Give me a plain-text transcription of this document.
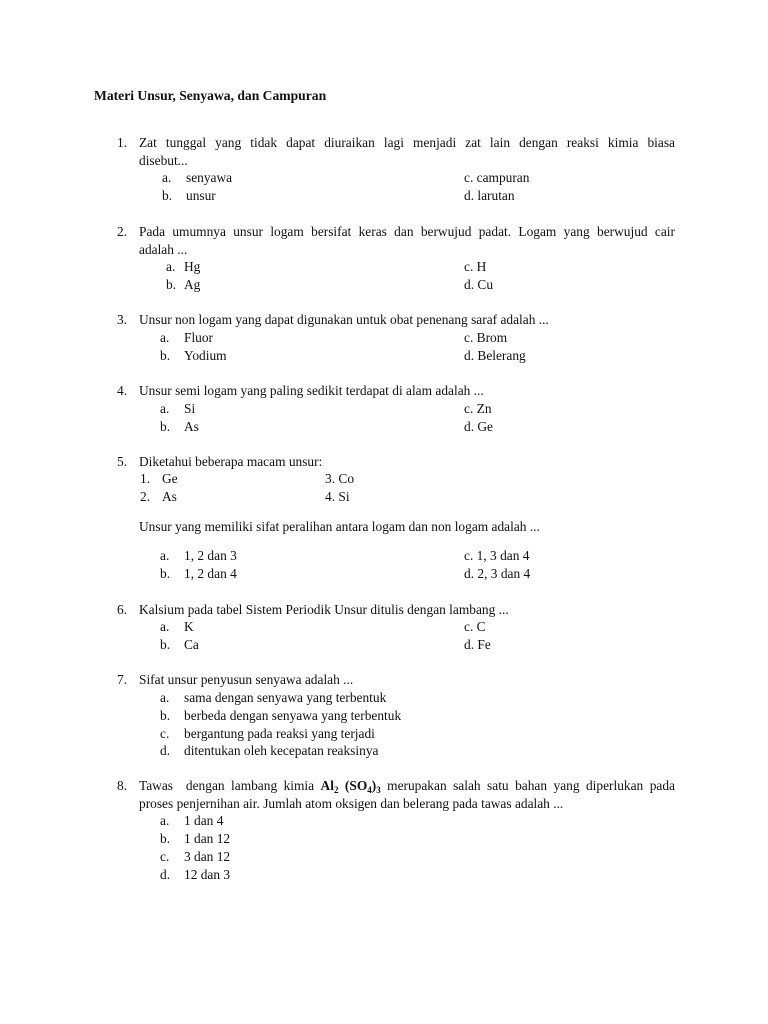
Materi Unsur, Senyawa, dan Campuran
1. Zat tunggal yang tidak dapat diuraikan lagi menjadi zat lain dengan reaksi kimia biasa
disebut...
a. senyawa
b. unsur
c. campuran
d. larutan
2. Pada umumnya unsur logam bersifat keras dan berwujud padat. Logam yang berwujud cair
adalah ...
a. Hg
b. Ag
c. H
d. Cu
3. Unsur non logam yang dapat digunakan untuk obat penenang saraf adalah ...
a. Fluor
b. Yodium
c. Brom
d. Belerang
4. Unsur semi logam yang paling sedikit terdapat di alam adalah ...
a. Si
b. As
c. Zn
d. Ge
5. Diketahui beberapa macam unsur:
1. Ge
2. As
3. Co
4. Si
Unsur yang memiliki sifat peralihan antara logam dan non logam adalah ...
a. 1, 2 dan 3
b. 1, 2 dan 4
c. 1, 3 dan 4
d. 2, 3 dan 4
6. Kalsium pada tabel Sistem Periodik Unsur ditulis dengan lambang ...
a. K
b. Ca
c. C
d. Fe
7. Sifat unsur penyusun senyawa adalah ...
a. sama dengan senyawa yang terbentuk
b. berbeda dengan senyawa yang terbentuk
c. bergantung pada reaksi yang terjadi
d. ditentukan oleh kecepatan reaksinya
8. Tawas  dengan lambang kimia $Al_2$ $(SO_4)_3$ merupakan salah satu bahan yang diperlukan pada
proses penjernihan air. Jumlah atom oksigen dan belerang pada tawas adalah ...
a. 1 dan 4
b. 1 dan 12
c. 3 dan 12
d. 12 dan 3
